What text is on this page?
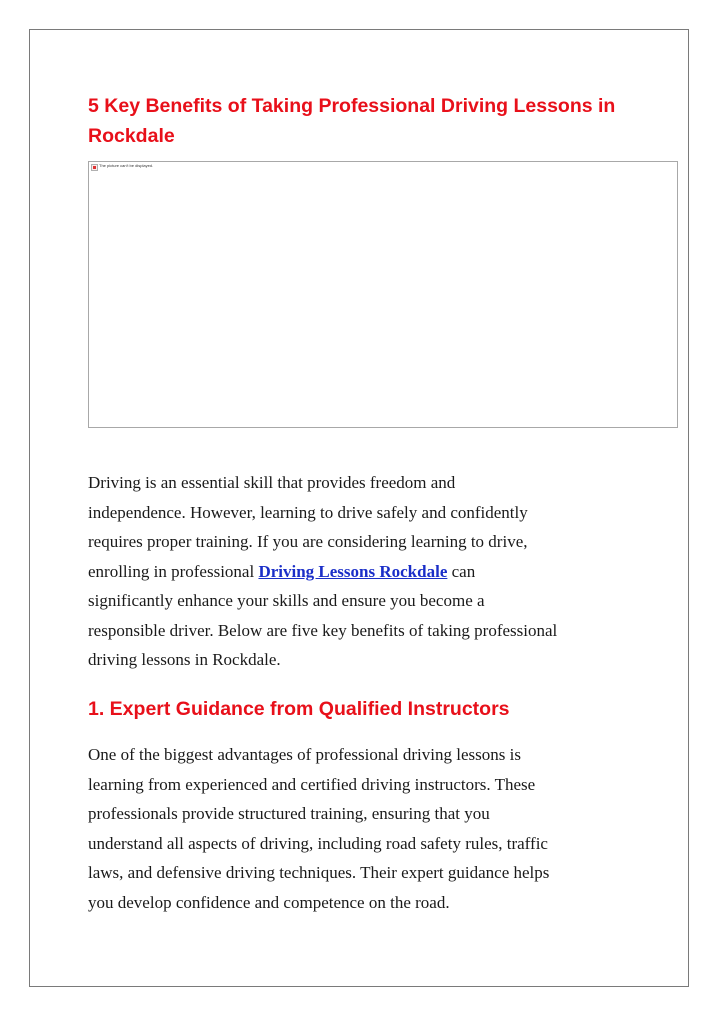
5 Key Benefits of Taking Professional Driving Lessons in Rockdale
The picture can't be displayed.

Driving is an essential skill that provides freedom and
independence. However, learning to drive safely and confidently
requires proper training. If you are considering learning to drive,
enrolling in professional Driving Lessons Rockdale can
significantly enhance your skills and ensure you become a
responsible driver. Below are five key benefits of taking professional
driving lessons in Rockdale.

1. Expert Guidance from Qualified Instructors

One of the biggest advantages of professional driving lessons is
learning from experienced and certified driving instructors. These
professionals provide structured training, ensuring that you
understand all aspects of driving, including road safety rules, traffic
laws, and defensive driving techniques. Their expert guidance helps
you develop confidence and competence on the road.
